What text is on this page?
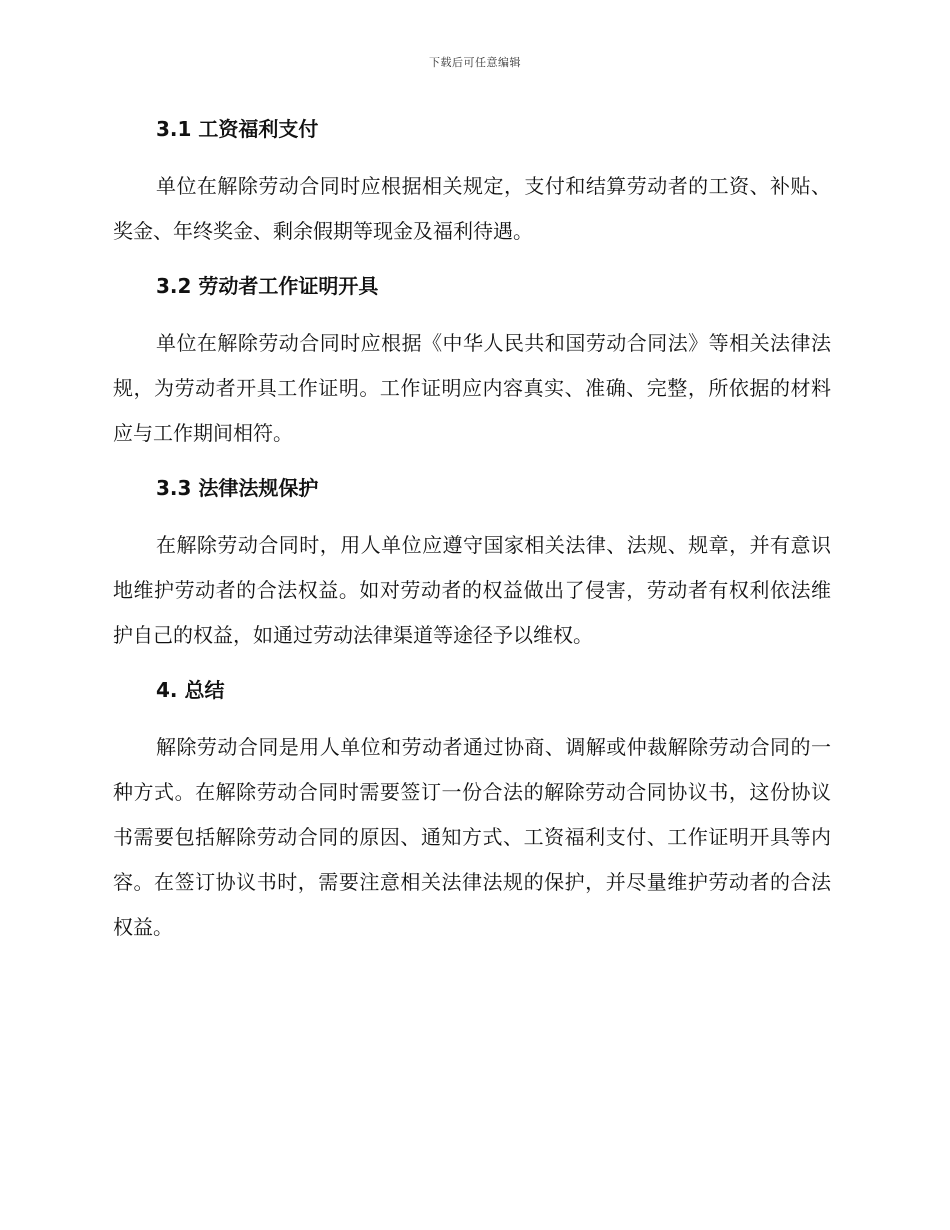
下载后可任意编辑
3.1 工资福利支付

单位在解除劳动合同时应根据相关规定，支付和结算劳动者的工资、补贴、奖金、年终奖金、剩余假期等现金及福利待遇。

3.2 劳动者工作证明开具

单位在解除劳动合同时应根据《中华人民共和国劳动合同法》等相关法律法规，为劳动者开具工作证明。工作证明应内容真实、准确、完整，所依据的材料应与工作期间相符。

3.3 法律法规保护

在解除劳动合同时，用人单位应遵守国家相关法律、法规、规章，并有意识地维护劳动者的合法权益。如对劳动者的权益做出了侵害，劳动者有权利依法维护自己的权益，如通过劳动法律渠道等途径予以维权。

4. 总结

解除劳动合同是用人单位和劳动者通过协商、调解或仲裁解除劳动合同的一种方式。在解除劳动合同时需要签订一份合法的解除劳动合同协议书，这份协议书需要包括解除劳动合同的原因、通知方式、工资福利支付、工作证明开具等内容。在签订协议书时，需要注意相关法律法规的保护，并尽量维护劳动者的合法权益。
